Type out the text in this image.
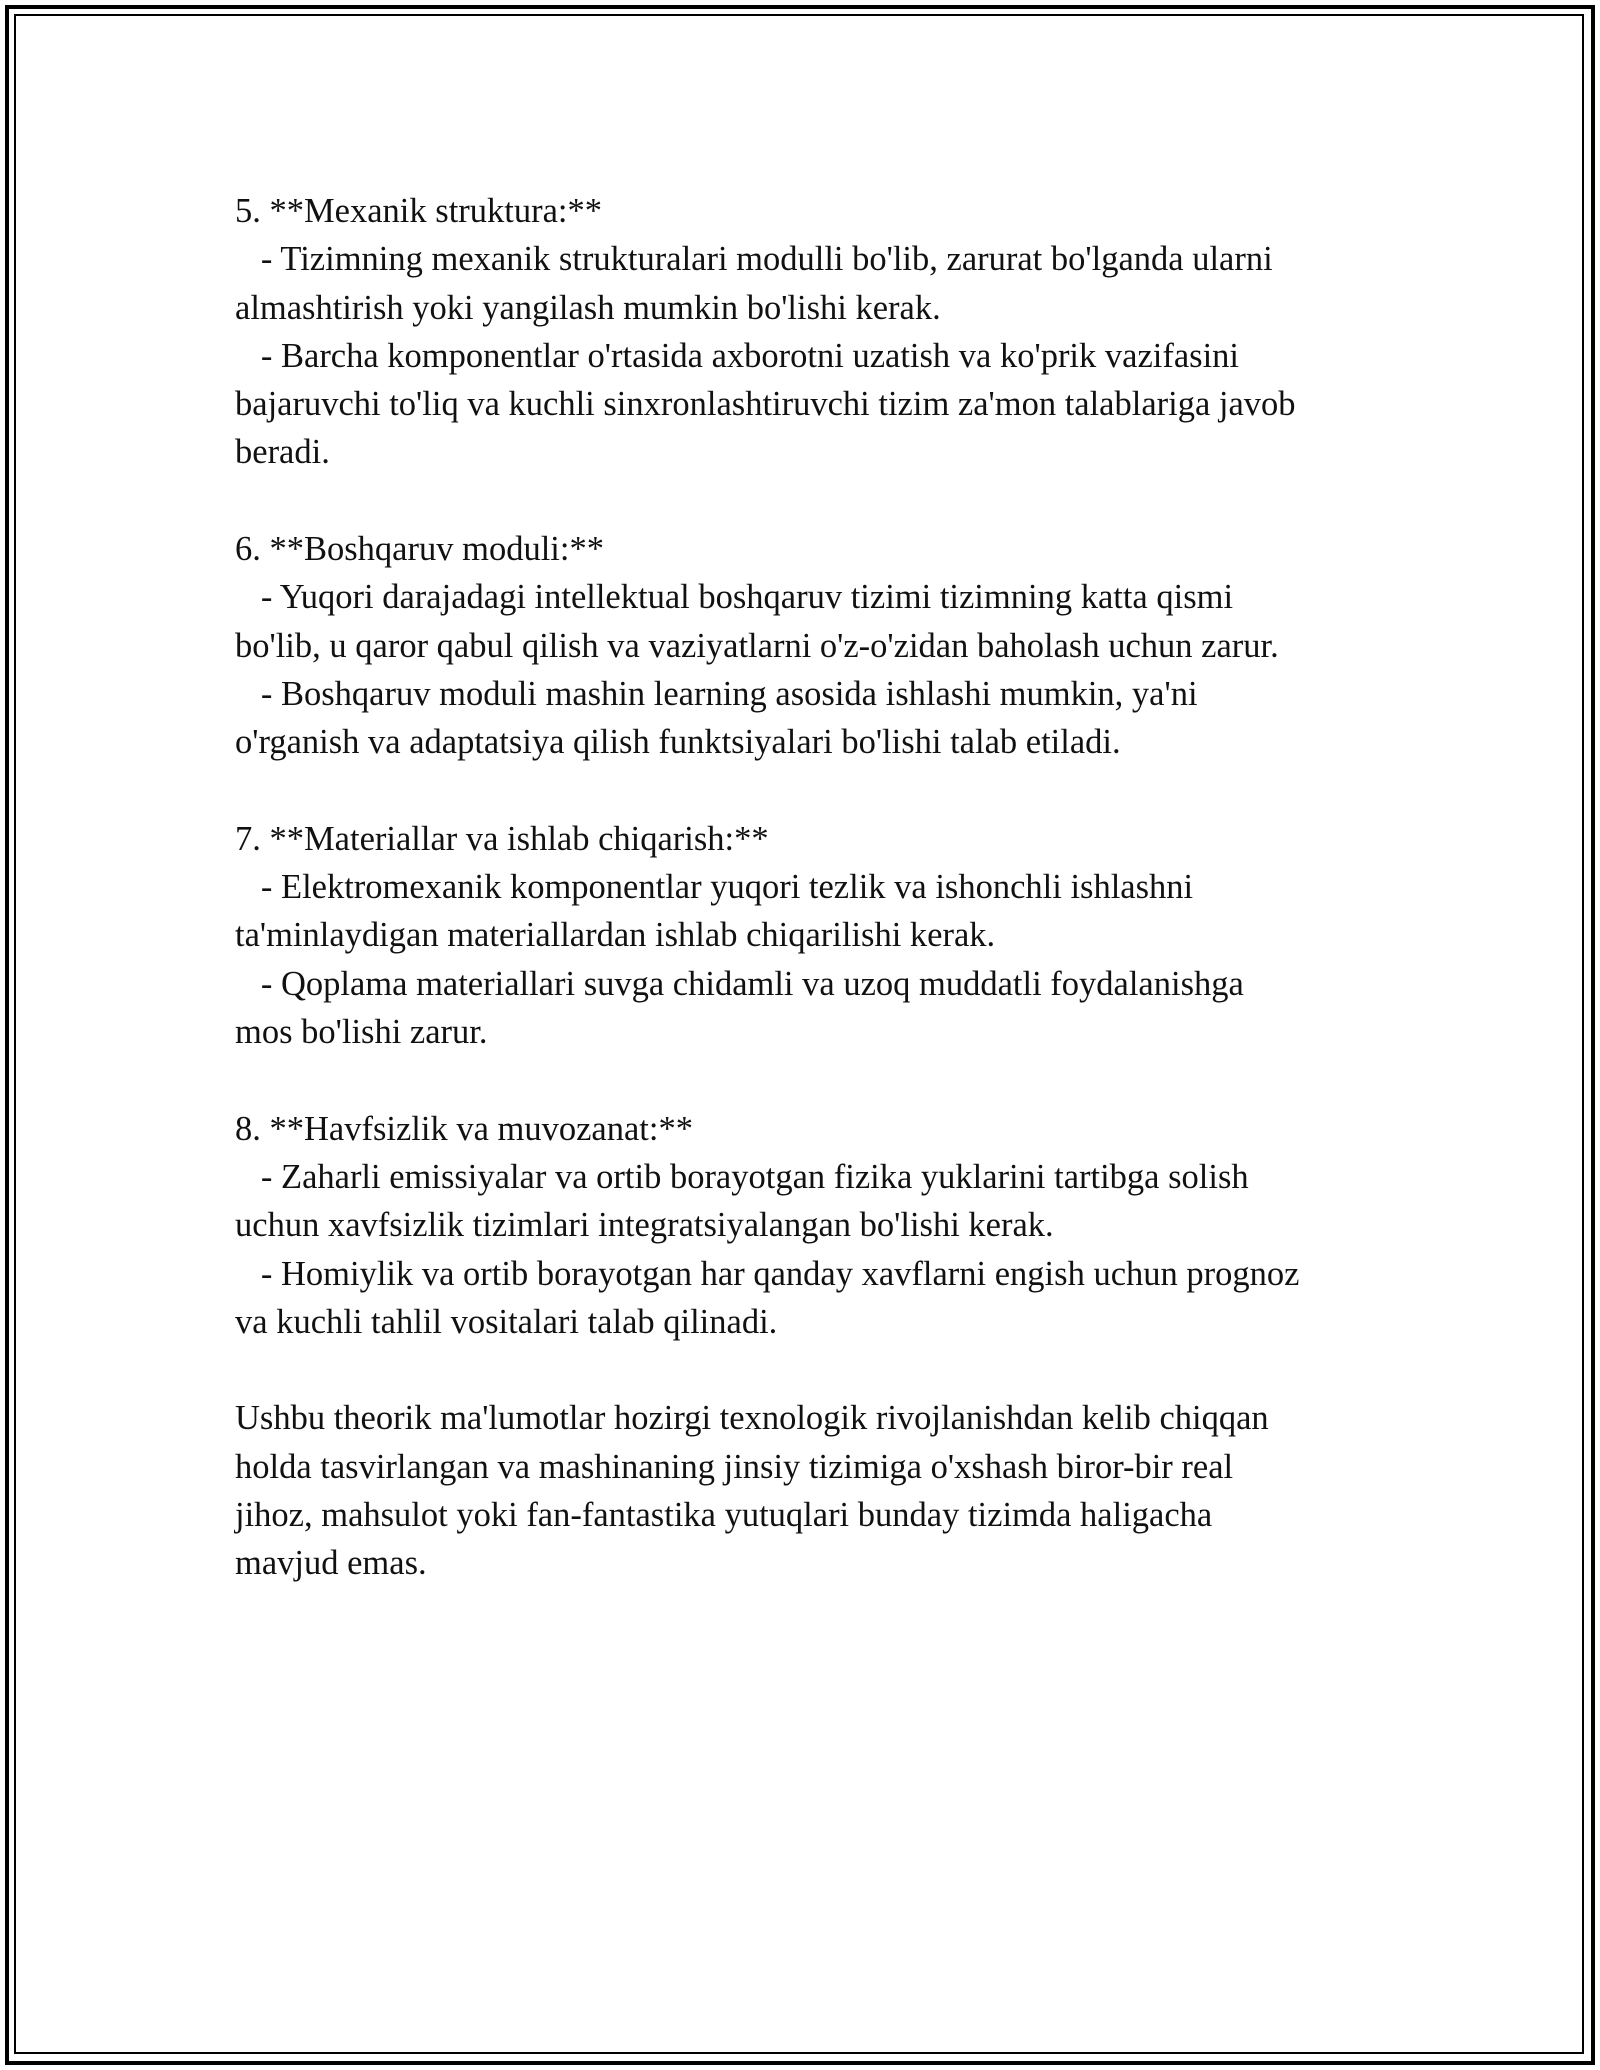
5. **Mexanik struktura:**
- Tizimning mexanik strukturalari modulli bo'lib, zarurat bo'lganda ularni
almashtirish yoki yangilash mumkin bo'lishi kerak.
- Barcha komponentlar o'rtasida axborotni uzatish va ko'prik vazifasini
bajaruvchi to'liq va kuchli sinxronlashtiruvchi tizim za'mon talablariga javob
beradi.
6. **Boshqaruv moduli:**
- Yuqori darajadagi intellektual boshqaruv tizimi tizimning katta qismi
bo'lib, u qaror qabul qilish va vaziyatlarni o'z-o'zidan baholash uchun zarur.
- Boshqaruv moduli mashin learning asosida ishlashi mumkin, ya'ni
o'rganish va adaptatsiya qilish funktsiyalari bo'lishi talab etiladi.
7. **Materiallar va ishlab chiqarish:**
- Elektromexanik komponentlar yuqori tezlik va ishonchli ishlashni
ta'minlaydigan materiallardan ishlab chiqarilishi kerak.
- Qoplama materiallari suvga chidamli va uzoq muddatli foydalanishga
mos bo'lishi zarur.
8. **Havfsizlik va muvozanat:**
- Zaharli emissiyalar va ortib borayotgan fizika yuklarini tartibga solish
uchun xavfsizlik tizimlari integratsiyalangan bo'lishi kerak.
- Homiylik va ortib borayotgan har qanday xavflarni engish uchun prognoz
va kuchli tahlil vositalari talab qilinadi.
Ushbu theorik ma'lumotlar hozirgi texnologik rivojlanishdan kelib chiqqan
holda tasvirlangan va mashinaning jinsiy tizimiga o'xshash biror-bir real
jihoz, mahsulot yoki fan-fantastika yutuqlari bunday tizimda haligacha
mavjud emas.
